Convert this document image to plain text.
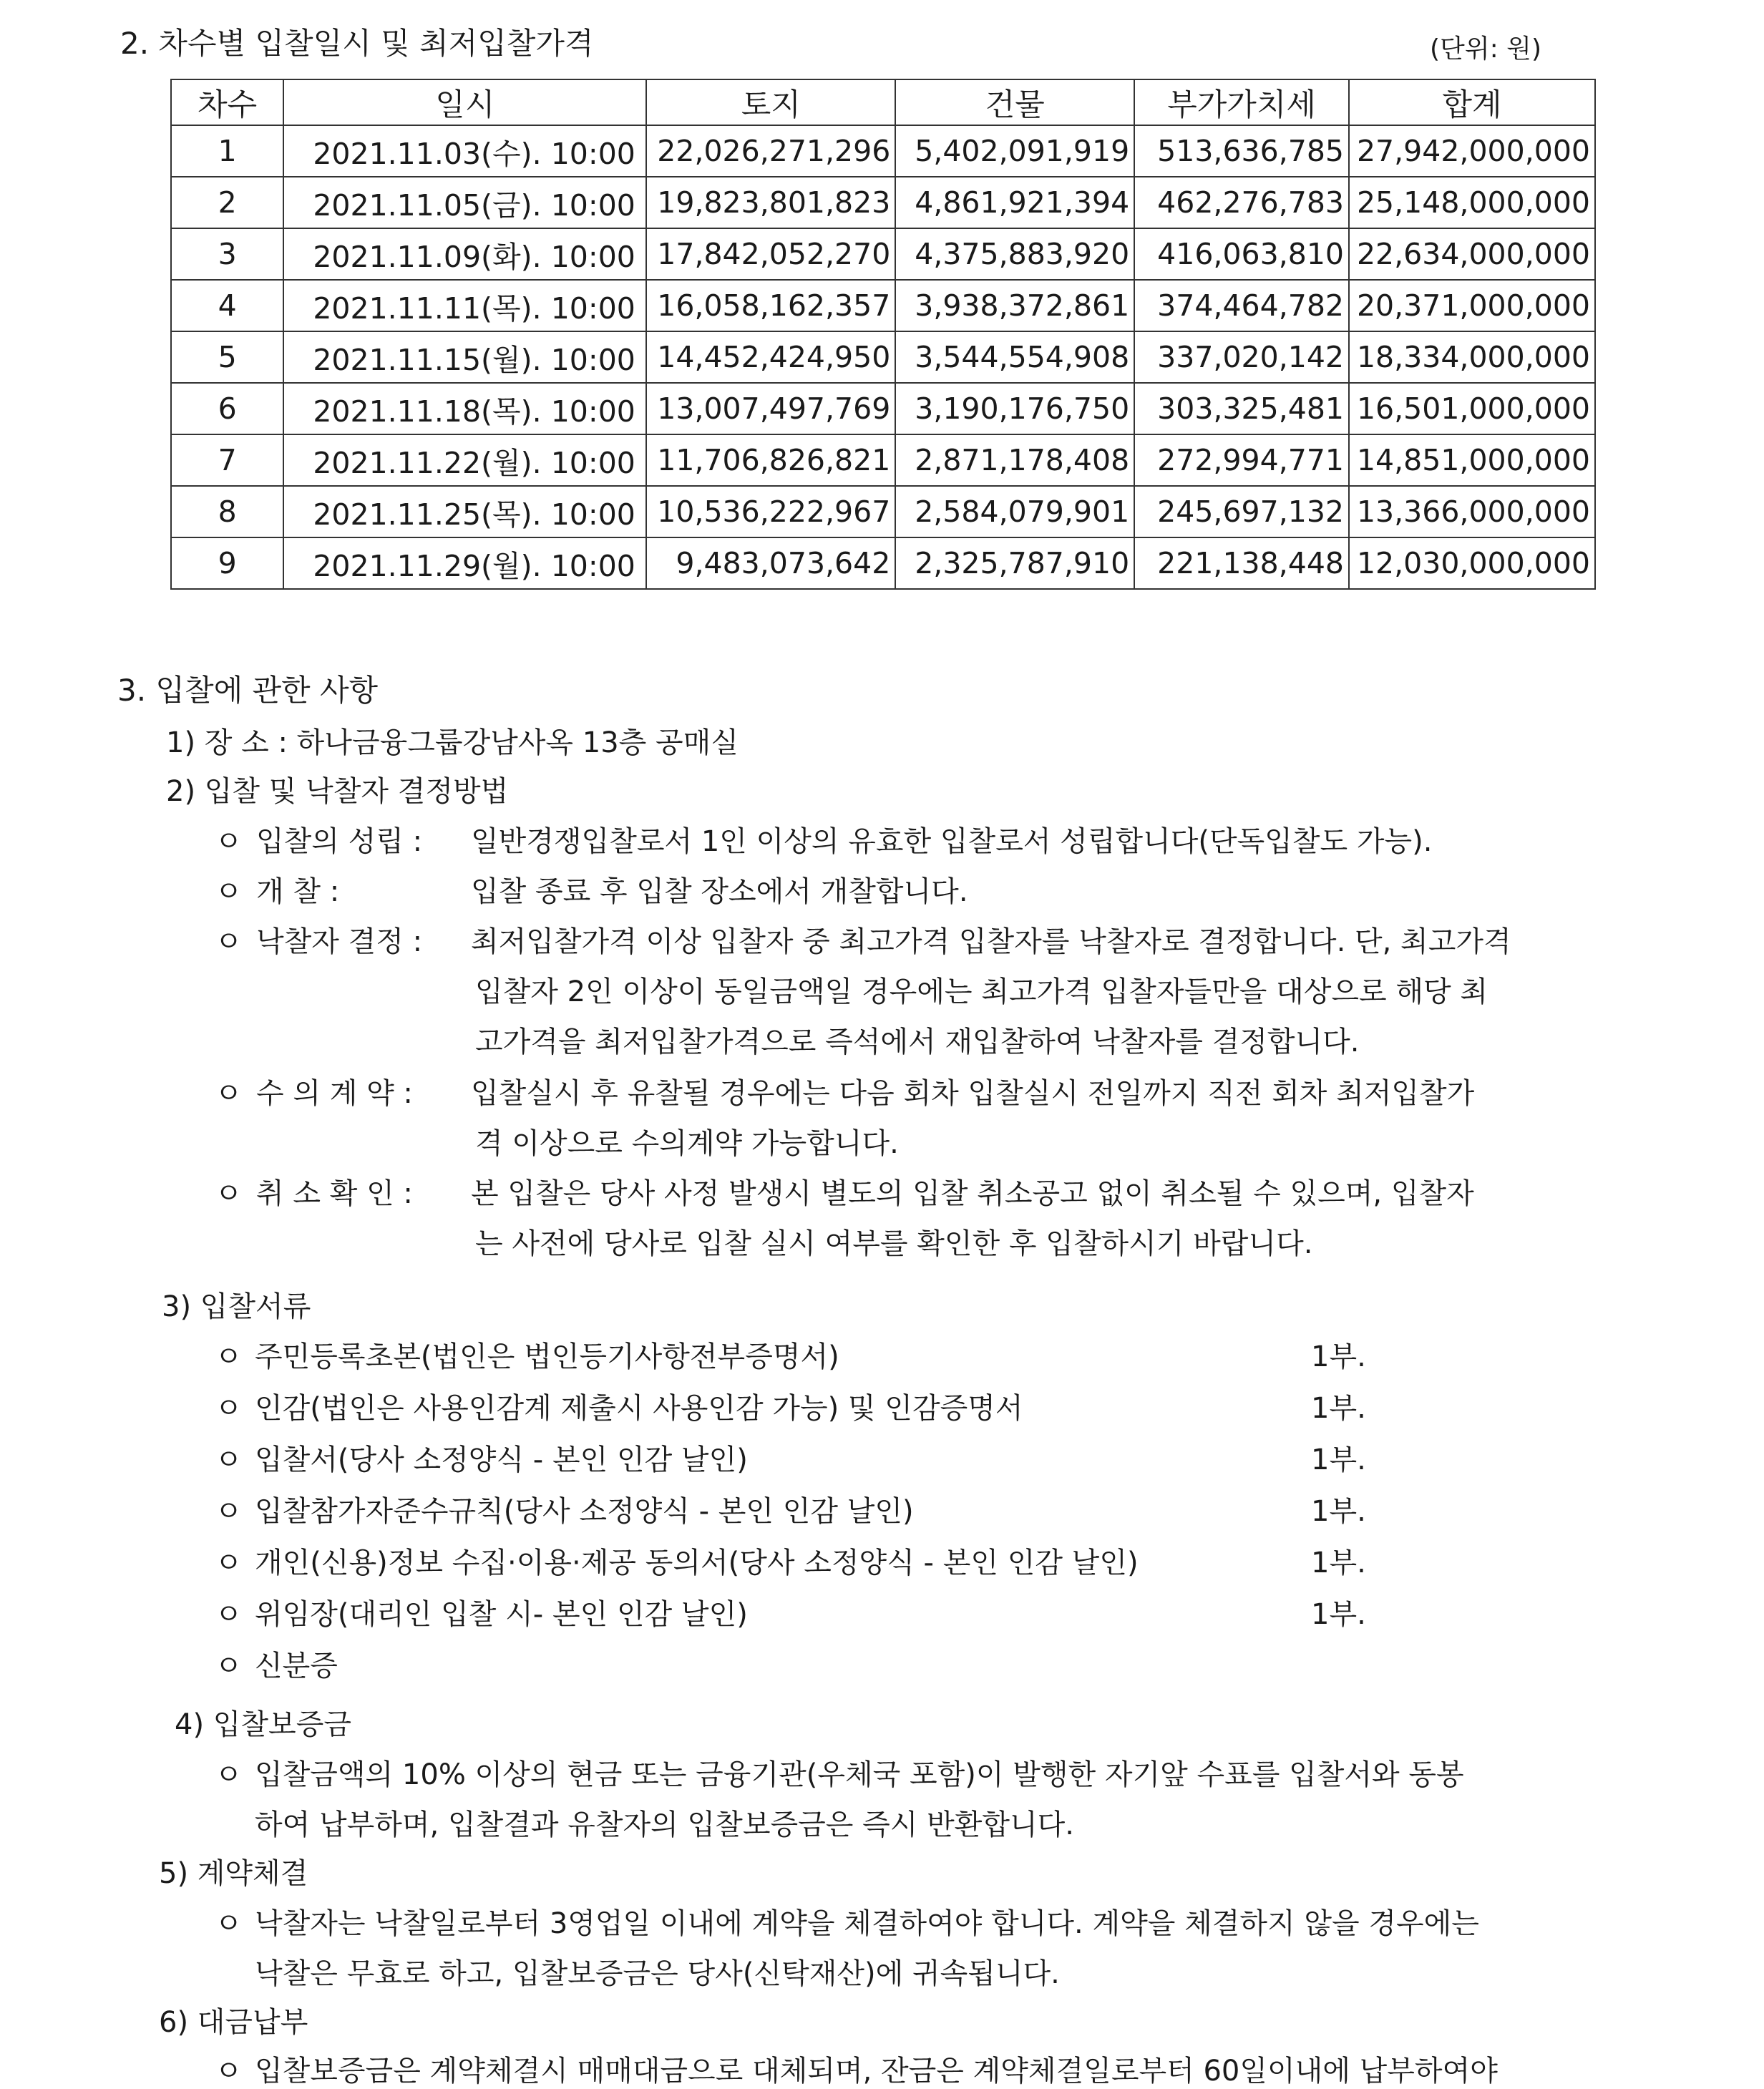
2. 차수별 입찰일시 및 최저입찰가격	(단위: 원)
차수	일시	토지	건물	부가가치세	합계
1	2021.11.03(수). 10:00	22,026,271,296	5,402,091,919	513,636,785	27,942,000,000
2	2021.11.05(금). 10:00	19,823,801,823	4,861,921,394	462,276,783	25,148,000,000
3	2021.11.09(화). 10:00	17,842,052,270	4,375,883,920	416,063,810	22,634,000,000
4	2021.11.11(목). 10:00	16,058,162,357	3,938,372,861	374,464,782	20,371,000,000
5	2021.11.15(월). 10:00	14,452,424,950	3,544,554,908	337,020,142	18,334,000,000
6	2021.11.18(목). 10:00	13,007,497,769	3,190,176,750	303,325,481	16,501,000,000
7	2021.11.22(월). 10:00	11,706,826,821	2,871,178,408	272,994,771	14,851,000,000
8	2021.11.25(목). 10:00	10,536,222,967	2,584,079,901	245,697,132	13,366,000,000
9	2021.11.29(월). 10:00	9,483,073,642	2,325,787,910	221,138,448	12,030,000,000
3. 입찰에 관한 사항
1) 장 소 : 하나금융그룹강남사옥 13층 공매실
2) 입찰 및 낙찰자 결정방법
ㅇ 입찰의 성립 : 일반경쟁입찰로서 1인 이상의 유효한 입찰로서 성립합니다(단독입찰도 가능).
ㅇ 개 찰 :	입찰 종료 후 입찰 장소에서 개찰합니다.
ㅇ 낙찰자 결정 : 최저입찰가격 이상 입찰자 중 최고가격 입찰자를 낙찰자로 결정합니다. 단, 최고가격
입찰자 2인 이상이 동일금액일 경우에는 최고가격 입찰자들만을 대상으로 해당 최
고가격을 최저입찰가격으로 즉석에서 재입찰하여 낙찰자를 결정합니다.
ㅇ 수 의 계 약 : 입찰실시 후 유찰될 경우에는 다음 회차 입찰실시 전일까지 직전 회차 최저입찰가
격 이상으로 수의계약 가능합니다.
ㅇ 취 소 확 인 : 본 입찰은 당사 사정 발생시 별도의 입찰 취소공고 없이 취소될 수 있으며, 입찰자
는 사전에 당사로 입찰 실시 여부를 확인한 후 입찰하시기 바랍니다.
ㅇ
ㅇ
ㅇ
ㅇ
ㅇ
ㅇ
ㅇ
3) 입찰서류
주민등록초본(법인은 법인등기사항전부증명서)	1부.
인감(법인은 사용인감계 제출시 사용인감 가능) 및 인감증명서	1부.
입찰서(당사 소정양식 - 본인 인감 날인)	1부.
입찰참가자준수규칙(당사 소정양식 - 본인 인감 날인)	1부.
개인(신용)정보 수집·이용·제공 동의서(당사 소정양식 - 본인 인감 날인)	1부.
위임장(대리인 입찰 시- 본인 인감 날인)	1부.
신분증
4) 입찰보증금
ㅇ 입찰금액의 10% 이상의 현금 또는 금융기관(우체국 포함)이 발행한 자기앞 수표를 입찰서와 동봉
하여 납부하며, 입찰결과 유찰자의 입찰보증금은 즉시 반환합니다.
5) 계약체결
ㅇ 낙찰자는 낙찰일로부터 3영업일 이내에 계약을 체결하여야 합니다. 계약을 체결하지 않을 경우에는
낙찰은 무효로 하고, 입찰보증금은 당사(신탁재산)에 귀속됩니다.
6) 대금납부
ㅇ 입찰보증금은 계약체결시 매매대금으로 대체되며, 잔금은 계약체결일로부터 60일이내에 납부하여야
